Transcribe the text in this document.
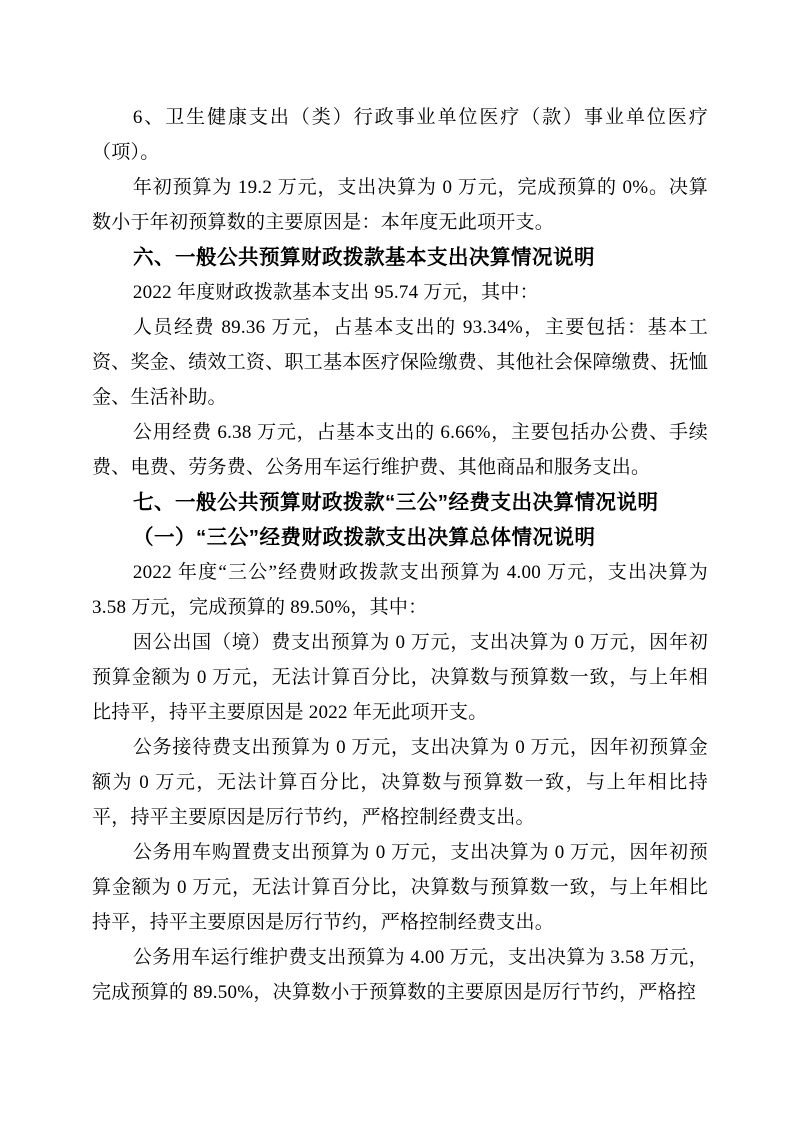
6、卫生健康支出（类）行政事业单位医疗（款）事业单位医疗（项）。

年初预算为 19.2 万元，支出决算为 0 万元，完成预算的 0%。决算数小于年初预算数的主要原因是：本年度无此项开支。

六、一般公共预算财政拨款基本支出决算情况说明

2022 年度财政拨款基本支出 95.74 万元，其中：

人员经费 89.36 万元，占基本支出的 93.34%，主要包括：基本工资、奖金、绩效工资、职工基本医疗保险缴费、其他社会保障缴费、抚恤金、生活补助。

公用经费 6.38 万元，占基本支出的 6.66%，主要包括办公费、手续费、电费、劳务费、公务用车运行维护费、其他商品和服务支出。

七、一般公共预算财政拨款“三公”经费支出决算情况说明
（一）“三公”经费财政拨款支出决算总体情况说明

2022 年度“三公”经费财政拨款支出预算为 4.00 万元，支出决算为 3.58 万元，完成预算的 89.50%，其中：

因公出国（境）费支出预算为 0 万元，支出决算为 0 万元，因年初预算金额为 0 万元，无法计算百分比，决算数与预算数一致，与上年相比持平，持平主要原因是 2022 年无此项开支。

公务接待费支出预算为 0 万元，支出决算为 0 万元，因年初预算金额为 0 万元，无法计算百分比，决算数与预算数一致，与上年相比持平，持平主要原因是厉行节约，严格控制经费支出。

公务用车购置费支出预算为 0 万元，支出决算为 0 万元，因年初预算金额为 0 万元，无法计算百分比，决算数与预算数一致，与上年相比持平，持平主要原因是厉行节约，严格控制经费支出。

公务用车运行维护费支出预算为 4.00 万元，支出决算为 3.58 万元，完成预算的 89.50%，决算数小于预算数的主要原因是厉行节约，严格控
